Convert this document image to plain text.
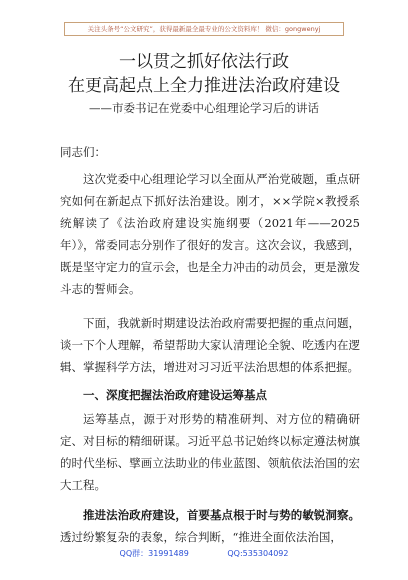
关注头条号“公文研究”，获得最新最全最专业的公文资料库！ 微信：gongwenyj
一以贯之抓好依法行政
在更高起点上全力推进法治政府建设
——市委书记在党委中心组理论学习后的讲话
同志们：
这次党委中心组理论学习以全面从严治党破题，重点研究如何在新起点下抓好法治建设。刚才，××学院×教授系统解读了《法治政府建设实施纲要（2021年——2025年）》，常委同志分别作了很好的发言。这次会议，我感到，既是坚守定力的宣示会，也是全力冲击的动员会，更是激发斗志的誓师会。
下面，我就新时期建设法治政府需要把握的重点问题，谈一下个人理解，希望帮助大家认清理论全貌、吃透内在逻辑、掌握科学方法，增进对习习近平法治思想的体系把握。
一、深度把握法治政府建设运筹基点
运筹基点，源于对形势的精准研判、对方位的精确研定、对目标的精细研谋。习近平总书记始终以标定遵法树旗的时代坐标、擘画立法助业的伟业蓝图、领航依法治国的宏大工程。
推进法治政府建设，首要基点根于时与势的敏锐洞察。透过纷繁复杂的表象，综合判断，“推进全面依法治国，
QQ群：31991489	QQ:535304092
